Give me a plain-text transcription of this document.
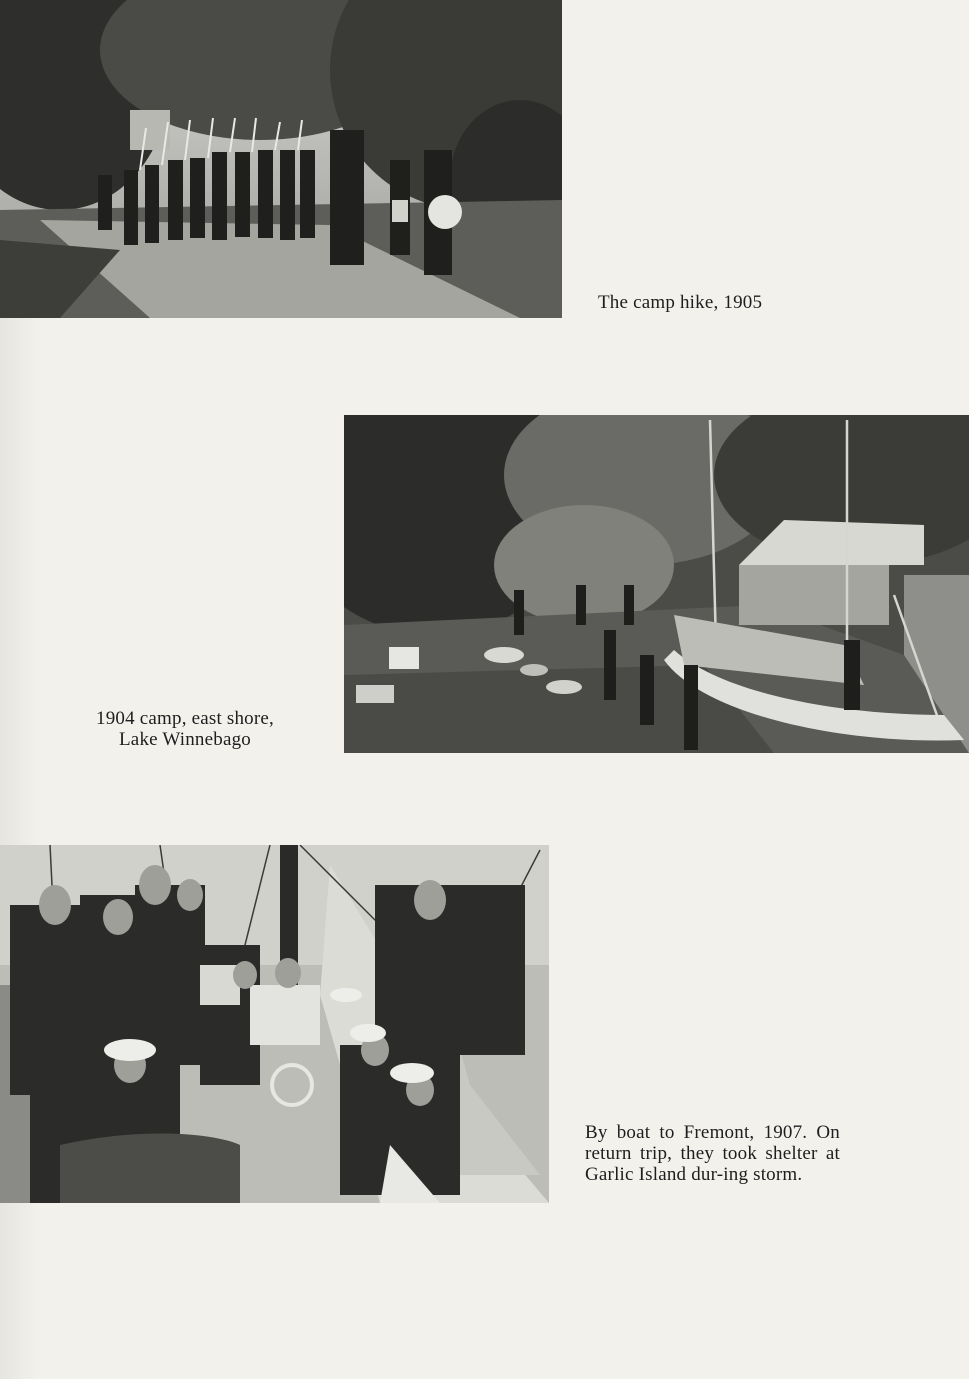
The camp hike, 1905
1904 camp, east shore,
Lake Winnebago
By boat to Fremont, 1907. On return trip, they took shelter at Garlic Island dur-ing storm.
